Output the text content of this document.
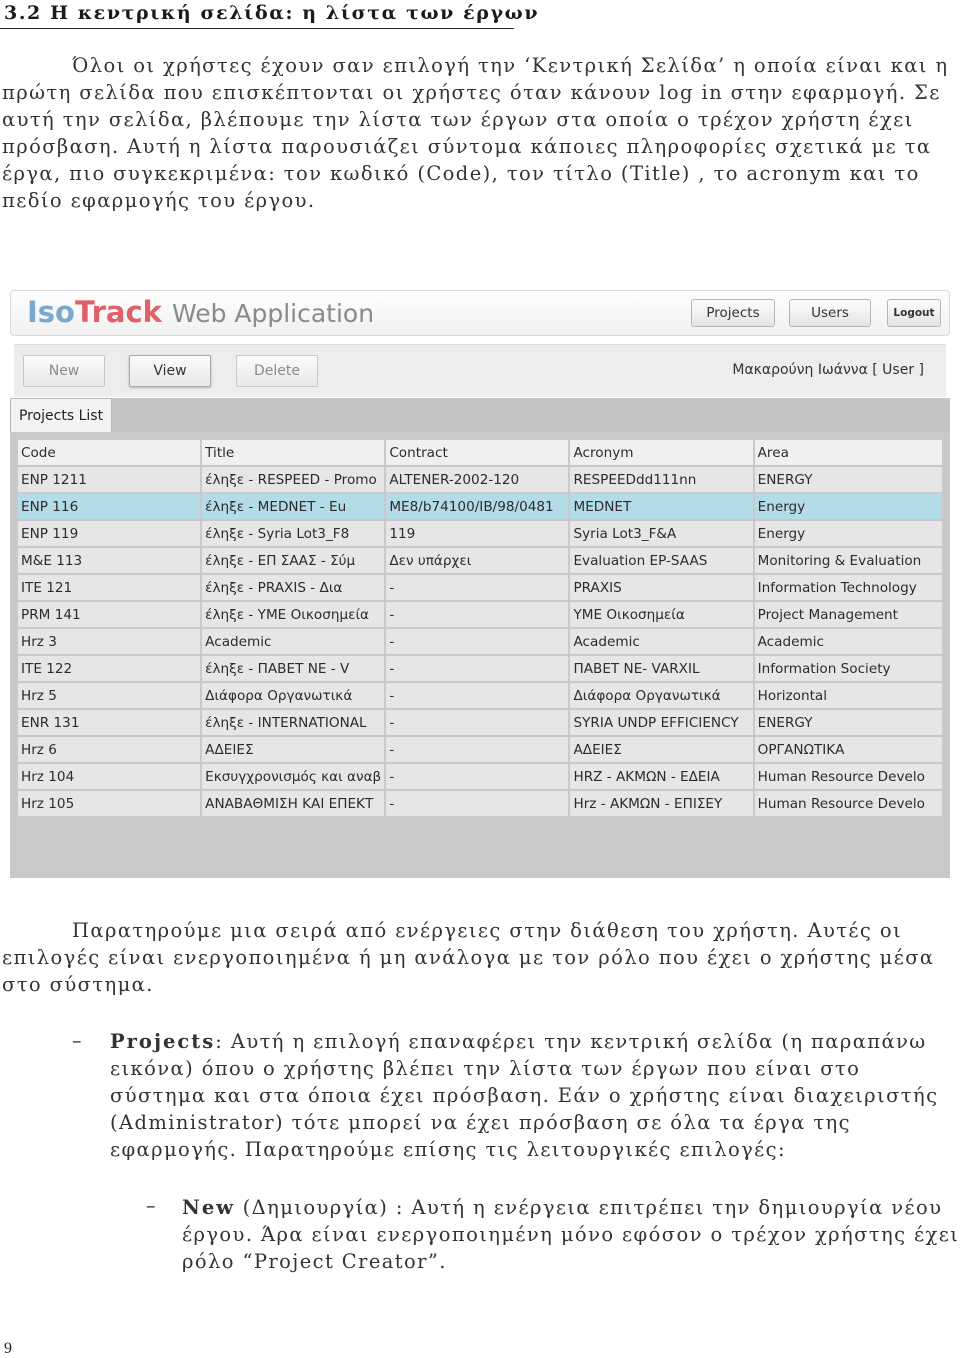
3.2 Η κεντρική σελίδα: η λίστα των έργων
Όλοι οι χρήστες έχουν σαν επιλογή την ‘Κεντρική Σελίδα’ η οποία είναι και η πρώτη σελίδα που επισκέπτονται οι χρήστες όταν κάνουν log in στην εφαρμογή. Σε αυτή την σελίδα, βλέπουμε την λίστα των έργων στα οποία ο τρέχον χρήστη έχει πρόσβαση. Αυτή η λίστα παρουσιάζει σύντομα κάποιες πληροφορίες σχετικά με τα έργα, πιο συγκεκριμένα: τον κωδικό (Code), τον τίτλο (Title) , το acronym και το πεδίο εφαρμογής του έργου.
IsoTrack Web Application	Projects	Users	Logout
New	View	Delete	Μακαρούνη Ιωάννα [ User ]
Projects List
Code	Title	Contract	Acronym	Area
ENP 1211	έληξε - RESPEED - Promo	ALTENER-2002-120	RESPEEDdd111nn	ENERGY
ENP 116	έληξε - MEDNET - Eu	ME8/b74100/IB/98/0481	MEDNET	Energy
ENP 119	έληξε - Syria Lot3_F8	119	Syria Lot3_F&A	Energy
M&E 113	έληξε - ΕΠ ΣΑΑΣ - Σύμ	Δεν υπάρχει	Evaluation EP-SAAS	Monitoring & Evaluation
ITE 121	έληξε - PRAXIS - Δια	-	PRAXIS	Information Technology
PRM 141	έληξε - YME Οικοσημεία	-	YME Οικοσημεία	Project Management
Hrz 3	Academic	-	Academic	Academic
ITE 122	έληξε - ΠΑΒΕΤ ΝΕ - V	-	ΠΑΒΕΤ ΝΕ- VARXIL	Information Society
Hrz 5	Διάφορα Οργανωτικά	-	Διάφορα Οργανωτικά	Horizontal
ENR 131	έληξε - INTERNATIONAL	-	SYRIA UNDP EFFICIENCY	ENERGY
Hrz 6	ΑΔΕΙΕΣ	-	ΑΔΕΙΕΣ	ΟΡΓΑΝΩΤΙΚΑ
Hrz 104	Εκσυγχρονισμός και αναβ	-	HRZ - ΑΚΜΩΝ - ΕΔΕΙΑ	Human Resource Develo
Hrz 105	ΑΝΑΒΑΘΜΙΣΗ ΚΑΙ ΕΠΕΚΤ	-	Hrz - ΑΚΜΩΝ - ΕΠΙΣΕΥ	Human Resource Develo
Παρατηρούμε μια σειρά από ενέργειες στην διάθεση του χρήστη. Αυτές οι επιλογές είναι ενεργοποιημένα ή μη ανάλογα με τον ρόλο που έχει ο χρήστης μέσα στο σύστημα.
– Projects: Αυτή η επιλογή επαναφέρει την κεντρική σελίδα (η παραπάνω εικόνα) όπου ο χρήστης βλέπει την λίστα των έργων που είναι στο σύστημα και στα όποια έχει πρόσβαση. Εάν ο χρήστης είναι διαχειριστής (Administrator) τότε μπορεί να έχει πρόσβαση σε όλα τα έργα της εφαρμογής. Παρατηρούμε επίσης τις λειτουργικές επιλογές:
– New (Δημιουργία) : Αυτή η ενέργεια επιτρέπει την δημιουργία νέου έργου. Άρα είναι ενεργοποιημένη μόνο εφόσον ο τρέχον χρήστης έχει ρόλο “Project Creator”.
9
